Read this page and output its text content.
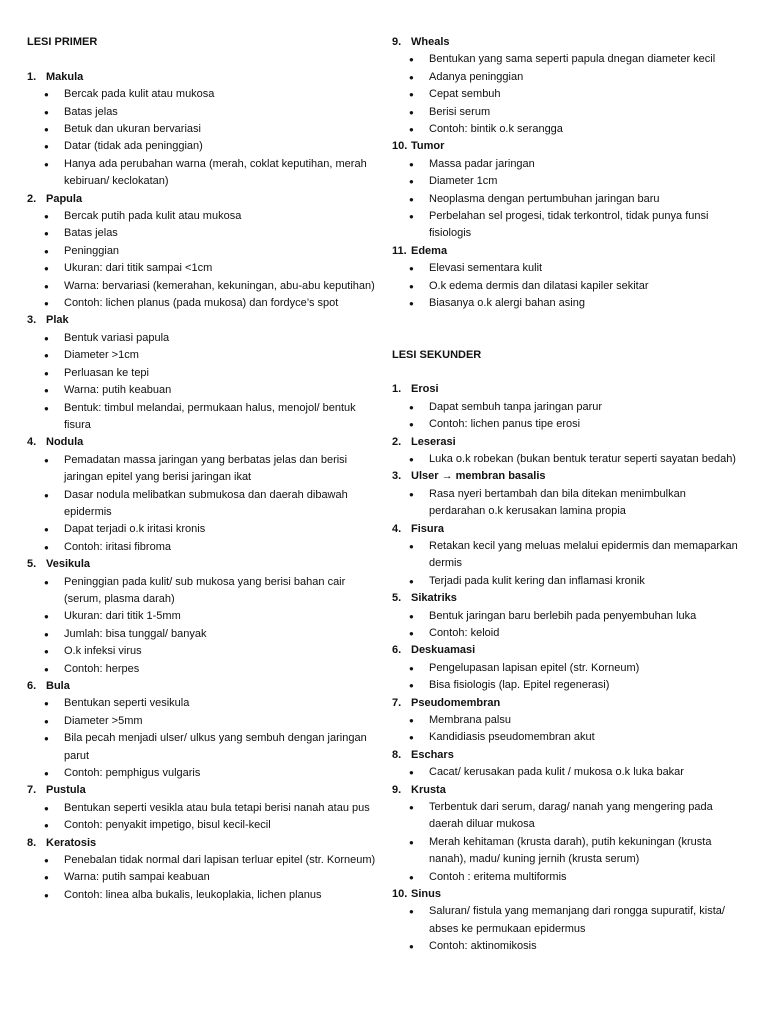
LESI PRIMER
1. Makula
● Bercak pada kulit atau mukosa
● Batas jelas
● Betuk dan ukuran bervariasi
● Datar (tidak ada peninggian)
● Hanya ada perubahan warna (merah, coklat keputihan, merah kebiruan/ keclokatan)
2. Papula
● Bercak putih pada kulit atau mukosa
● Batas jelas
● Peninggian
● Ukuran: dari titik sampai <1cm
● Warna: bervariasi (kemerahan, kekuningan, abu-abu keputihan)
● Contoh: lichen planus (pada mukosa) dan fordyce’s spot
3. Plak
● Bentuk variasi papula
● Diameter >1cm
● Perluasan ke tepi
● Warna: putih keabuan
● Bentuk: timbul melandai, permukaan halus, menojol/ bentuk fisura
4. Nodula
● Pemadatan massa jaringan yang berbatas jelas dan berisi jaringan epitel yang berisi jaringan ikat
● Dasar nodula melibatkan submukosa dan daerah dibawah epidermis
● Dapat terjadi o.k iritasi kronis
● Contoh: iritasi fibroma
5. Vesikula
● Peninggian pada kulit/ sub mukosa yang berisi bahan cair (serum, plasma darah)
● Ukuran: dari titik 1-5mm
● Jumlah: bisa tunggal/ banyak
● O.k infeksi virus
● Contoh: herpes
6. Bula
● Bentukan seperti vesikula
● Diameter >5mm
● Bila pecah menjadi ulser/ ulkus yang sembuh dengan jaringan parut
● Contoh: pemphigus vulgaris
7. Pustula
● Bentukan seperti vesikla atau bula tetapi berisi nanah atau pus
● Contoh: penyakit impetigo, bisul kecil-kecil
8. Keratosis
● Penebalan tidak normal dari lapisan terluar epitel (str. Korneum)
● Warna: putih sampai keabuan
● Contoh: linea alba bukalis, leukoplakia, lichen planus
9. Wheals
● Bentukan yang sama seperti papula dnegan diameter kecil
● Adanya peninggian
● Cepat sembuh
● Berisi serum
● Contoh: bintik o.k serangga
10. Tumor
● Massa padar jaringan
● Diameter 1cm
● Neoplasma dengan pertumbuhan jaringan baru
● Perbelahan sel progesi, tidak terkontrol, tidak punya funsi fisiologis
11. Edema
● Elevasi sementara kulit
● O.k edema dermis dan dilatasi kapiler sekitar
● Biasanya o.k alergi bahan asing
LESI SEKUNDER
1. Erosi
● Dapat sembuh tanpa jaringan parur
● Contoh: lichen panus tipe erosi
2. Leserasi
● Luka o.k robekan (bukan bentuk teratur seperti sayatan bedah)
3. Ulser → membran basalis
● Rasa nyeri bertambah dan bila ditekan menimbulkan perdarahan o.k kerusakan lamina propia
4. Fisura
● Retakan kecil yang meluas melalui epidermis dan memaparkan dermis
● Terjadi pada kulit kering dan inflamasi kronik
5. Sikatriks
● Bentuk jaringan baru berlebih pada penyembuhan luka
● Contoh: keloid
6. Deskuamasi
● Pengelupasan lapisan epitel (str. Korneum)
● Bisa fisiologis (lap. Epitel regenerasi)
7. Pseudomembran
● Membrana palsu
● Kandidiasis pseudomembran akut
8. Eschars
● Cacat/ kerusakan pada kulit / mukosa o.k luka bakar
9. Krusta
● Terbentuk dari serum, darag/ nanah yang mengering pada daerah diluar mukosa
● Merah kehitaman (krusta darah), putih kekuningan (krusta nanah), madu/ kuning jernih (krusta serum)
● Contoh : eritema multiformis
10. Sinus
● Saluran/ fistula yang memanjang dari rongga supuratif, kista/ abses ke permukaan epidermus
● Contoh: aktinomikosis
